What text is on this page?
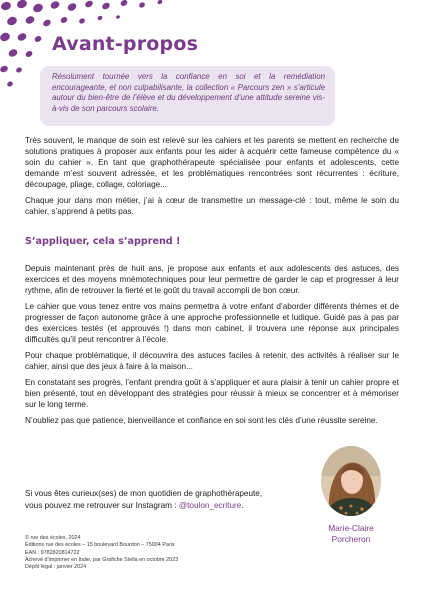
Avant-propos
Résolument tournée vers la confiance en soi et la remédiation encourageante, et non culpabilisante, la collection « Parcours zen » s’articule autour du bien-être de l’élève et du développement d’une attitude sereine vis-à-vis de son parcours scolaire.

Très souvent, le manque de soin est relevé sur les cahiers et les parents se mettent en recherche de solutions pratiques à proposer aux enfants pour les aider à acquérir cette fameuse compétence du « soin du cahier ». En tant que graphothérapeute spécialisée pour enfants et adolescents, cette demande m’est souvent adressée, et les problématiques rencontrées sont récurrentes : écriture, découpage, pliage, collage, coloriage...

Chaque jour dans mon métier, j’ai à cœur de transmettre un message-clé : tout, même le soin du cahier, s’apprend à petits pas.

S’appliquer, cela s’apprend !

Depuis maintenant près de huit ans, je propose aux enfants et aux adolescents des astuces, des exercices et des moyens mnémotechniques pour leur permettre de garder le cap et progresser à leur rythme, afin de retrouver la fierté et le goût du travail accompli de bon cœur.

Le cahier que vous tenez entre vos mains permettra à votre enfant d’aborder différents thèmes et de progresser de façon autonome grâce à une approche professionnelle et ludique. Guidé pas à pas par des exercices testés (et approuvés !) dans mon cabinet, il trouvera une réponse aux principales difficultés qu’il peut rencontrer à l’école.

Pour chaque problématique, il découvrira des astuces faciles à retenir, des activités à réaliser sur le cahier, ainsi que des jeux à faire à la maison...

En constatant ses progrès, l’enfant prendra goût à s’appliquer et aura plaisir à tenir un cahier propre et bien présenté, tout en développant des stratégies pour réussir à mieux se concentrer et à mémoriser sur le long terme.

N’oubliez pas que patience, bienveillance et confiance en soi sont les clés d’une réussite sereine.

Si vous êtes curieux(ses) de mon quotidien de graphothérapeute,
vous pouvez me retrouver sur Instagram : @toulon_ecriture.
Marie-Claire
Porcheron
© rue des écoles, 2024
Éditions rue des écoles – 15 boulevard Bourdon – 75004 Paris
EAN : 9782820814722
Achevé d’imprimer en Italie, par Grafiche Stella en octobre 2023
Dépôt légal : janvier 2024
